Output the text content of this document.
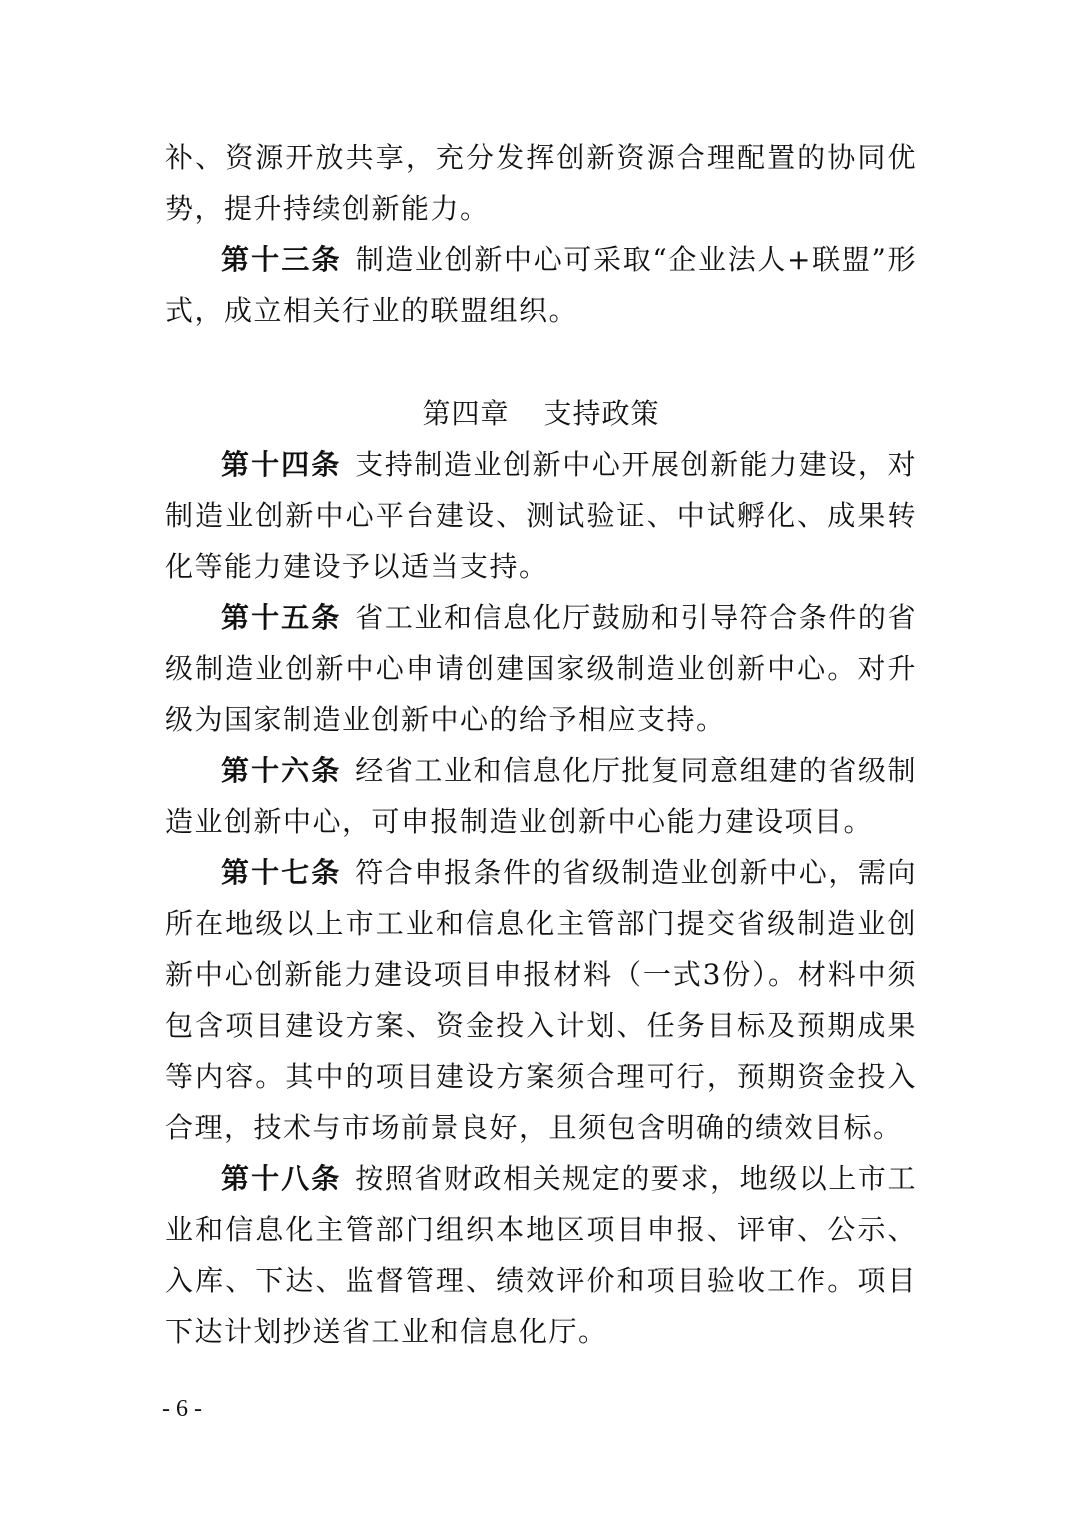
补、资源开放共享，充分发挥创新资源合理配置的协同优势，提升持续创新能力。

第十三条 制造业创新中心可采取“企业法人+联盟”形式，成立相关行业的联盟组织。

第四章 支持政策

第十四条 支持制造业创新中心开展创新能力建设，对制造业创新中心平台建设、测试验证、中试孵化、成果转化等能力建设予以适当支持。

第十五条 省工业和信息化厅鼓励和引导符合条件的省级制造业创新中心申请创建国家级制造业创新中心。对升级为国家制造业创新中心的给予相应支持。

第十六条 经省工业和信息化厅批复同意组建的省级制造业创新中心，可申报制造业创新中心能力建设项目。

第十七条 符合申报条件的省级制造业创新中心，需向所在地级以上市工业和信息化主管部门提交省级制造业创新中心创新能力建设项目申报材料（一式3份）。材料中须包含项目建设方案、资金投入计划、任务目标及预期成果等内容。其中的项目建设方案须合理可行，预期资金投入合理，技术与市场前景良好，且须包含明确的绩效目标。

第十八条 按照省财政相关规定的要求，地级以上市工业和信息化主管部门组织本地区项目申报、评审、公示、入库、下达、监督管理、绩效评价和项目验收工作。项目下达计划抄送省工业和信息化厅。

- 6 -
